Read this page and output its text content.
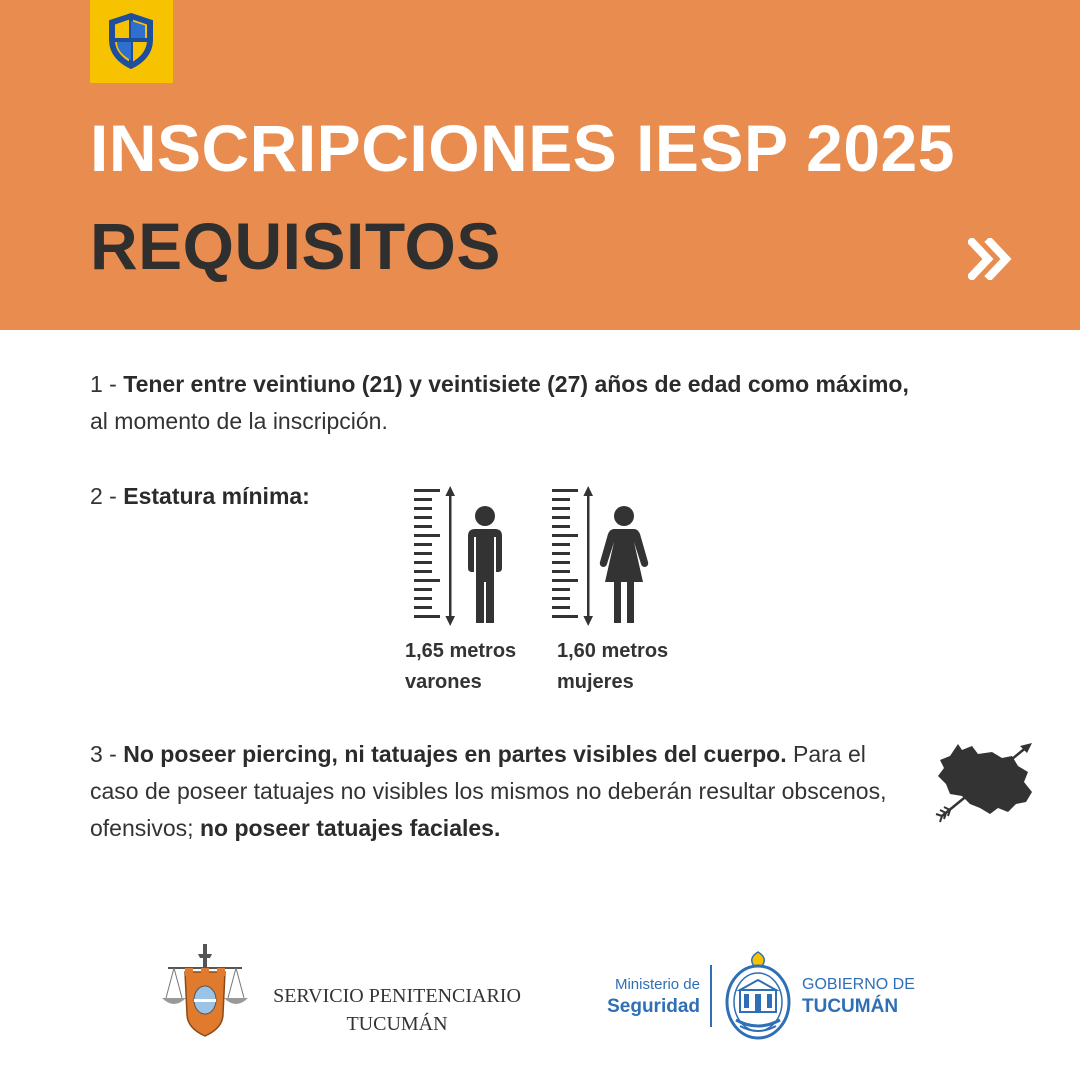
INSCRIPCIONES IESP 2025
REQUISITOS
1 - Tener entre veintiuno (21) y veintisiete (27) años de edad como máximo, al momento de la inscripción.
2 - Estatura mínima:
1,65 metros
varones
1,60 metros
mujeres
3 - No poseer piercing, ni tatuajes en partes visibles del cuerpo. Para el caso de poseer tatuajes no visibles los mismos no deberán resultar obscenos, ofensivos; no poseer tatuajes faciales.
SERVICIO PENITENCIARIO
TUCUMÁN
Ministerio de
Seguridad
GOBIERNO DE
TUCUMÁN
